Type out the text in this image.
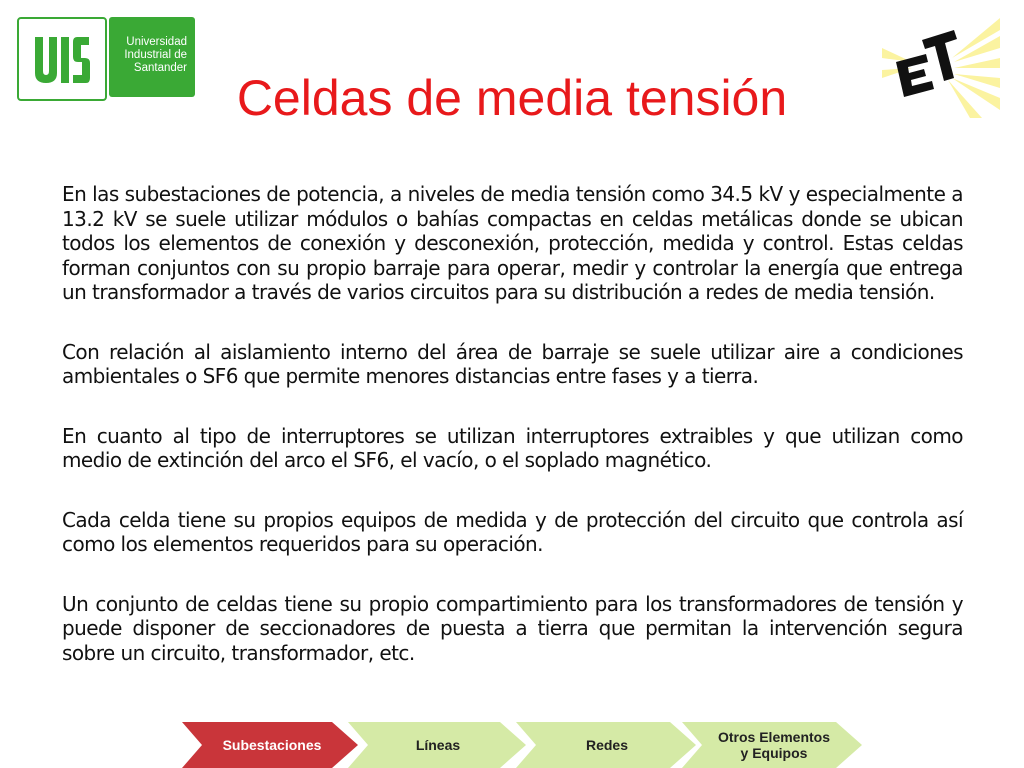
Universidad
Industrial de
Santander
Celdas de media tensión

En las subestaciones de potencia, a niveles de media tensión como 34.5 kV y especialmente a 13.2 kV se suele utilizar módulos o bahías compactas en celdas metálicas donde se ubican todos los elementos de conexión y desconexión, protección, medida y control. Estas celdas forman conjuntos con su propio barraje para operar, medir y controlar la energía que entrega un transformador a través de varios circuitos para su distribución a redes de media tensión.

Con relación al aislamiento interno del área de barraje se suele utilizar aire a condiciones ambientales o SF6 que permite menores distancias entre fases y a tierra.

En cuanto al tipo de interruptores se utilizan interruptores extraibles y que utilizan como medio de extinción del arco el SF6, el vacío, o el soplado magnético.

Cada celda tiene su propios equipos de medida y de protección del circuito que controla así como los elementos requeridos para su operación.

Un conjunto de celdas tiene su propio compartimiento para los transformadores de tensión y puede disponer de seccionadores de puesta a tierra que permitan la intervención segura sobre un circuito, transformador, etc.

Subestaciones	Líneas	Redes	Otros Elementos
y Equipos
